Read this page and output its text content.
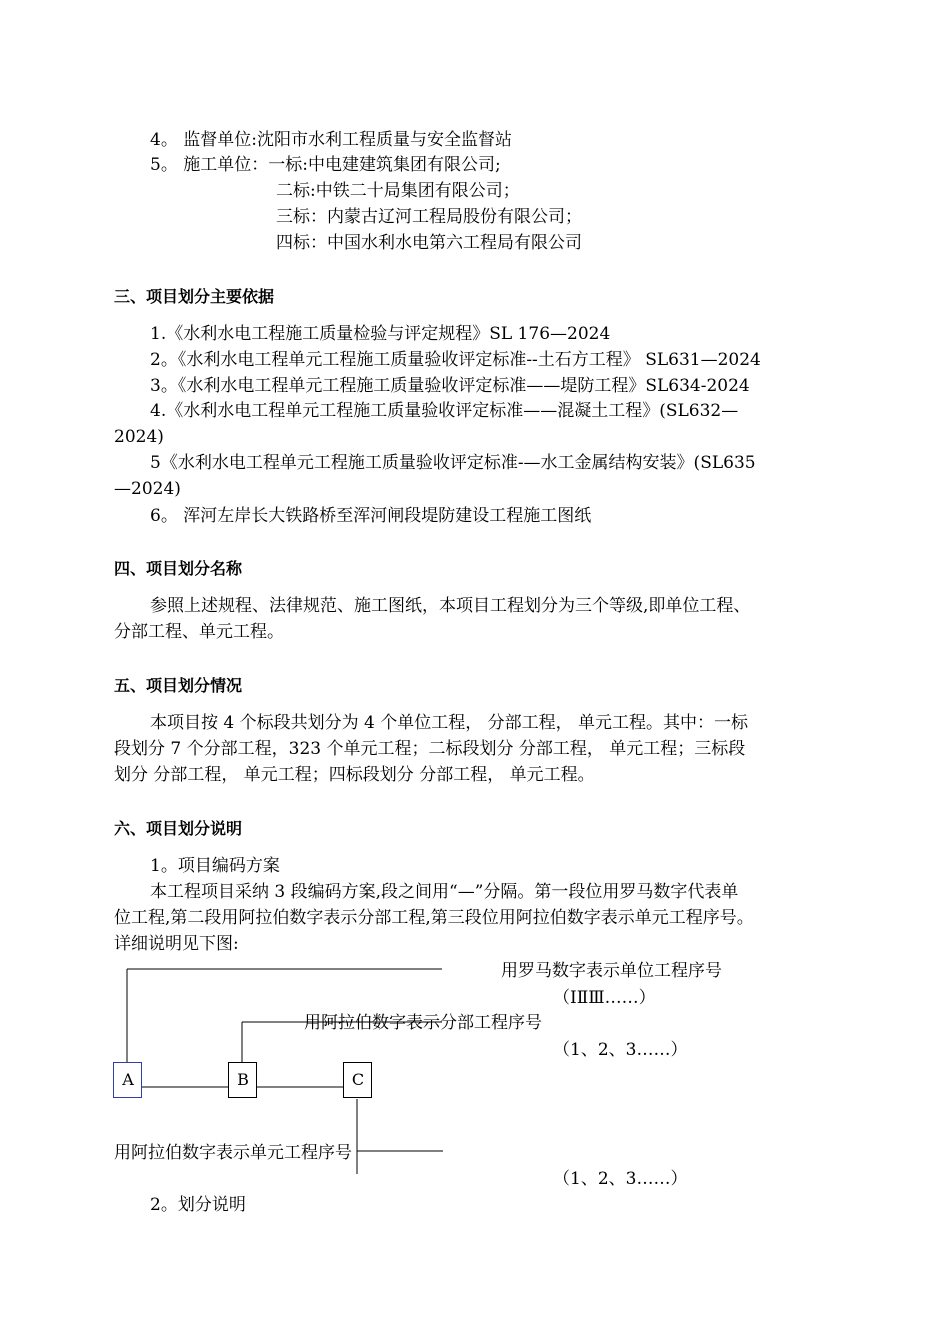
4。 监督单位:沈阳市水利工程质量与安全监督站
5。 施工单位：一标:中电建建筑集团有限公司;
二标:中铁二十局集团有限公司；
三标：内蒙古辽河工程局股份有限公司；
四标：中国水利水电第六工程局有限公司
三、项目划分主要依据
1.《水利水电工程施工质量检验与评定规程》SL 176—2024
2。《水利水电工程单元工程施工质量验收评定标准--土石方工程》 SL631—2024
3。《水利水电工程单元工程施工质量验收评定标准——堤防工程》SL634-2024
4.《水利水电工程单元工程施工质量验收评定标准——混凝土工程》(SL632—
2024)
5《水利水电工程单元工程施工质量验收评定标准-—水工金属结构安装》(SL635
—2024)
6。 浑河左岸长大铁路桥至浑河闸段堤防建设工程施工图纸
四、项目划分名称
参照上述规程、法律规范、施工图纸，本项目工程划分为三个等级,即单位工程、
分部工程、单元工程。
五、项目划分情况
本项目按 4 个标段共划分为 4 个单位工程， 分部工程， 单元工程。其中：一标
段划分 7 个分部工程，323 个单元工程；二标段划分 分部工程， 单元工程；三标段
划分 分部工程， 单元工程；四标段划分 分部工程， 单元工程。
六、项目划分说明
1。项目编码方案
本工程项目采纳 3 段编码方案,段之间用“—”分隔。第一段位用罗马数字代表单
位工程,第二段用阿拉伯数字表示分部工程,第三段位用阿拉伯数字表示单元工程序号。
详细说明见下图:
A	B	C
用罗马数字表示单位工程序号
（ⅠⅡⅢ……）
用阿拉伯数字表示分部工程序号
（1、2、3……）
用阿拉伯数字表示单元工程序号
（1、2、3……）
2。划分说明
